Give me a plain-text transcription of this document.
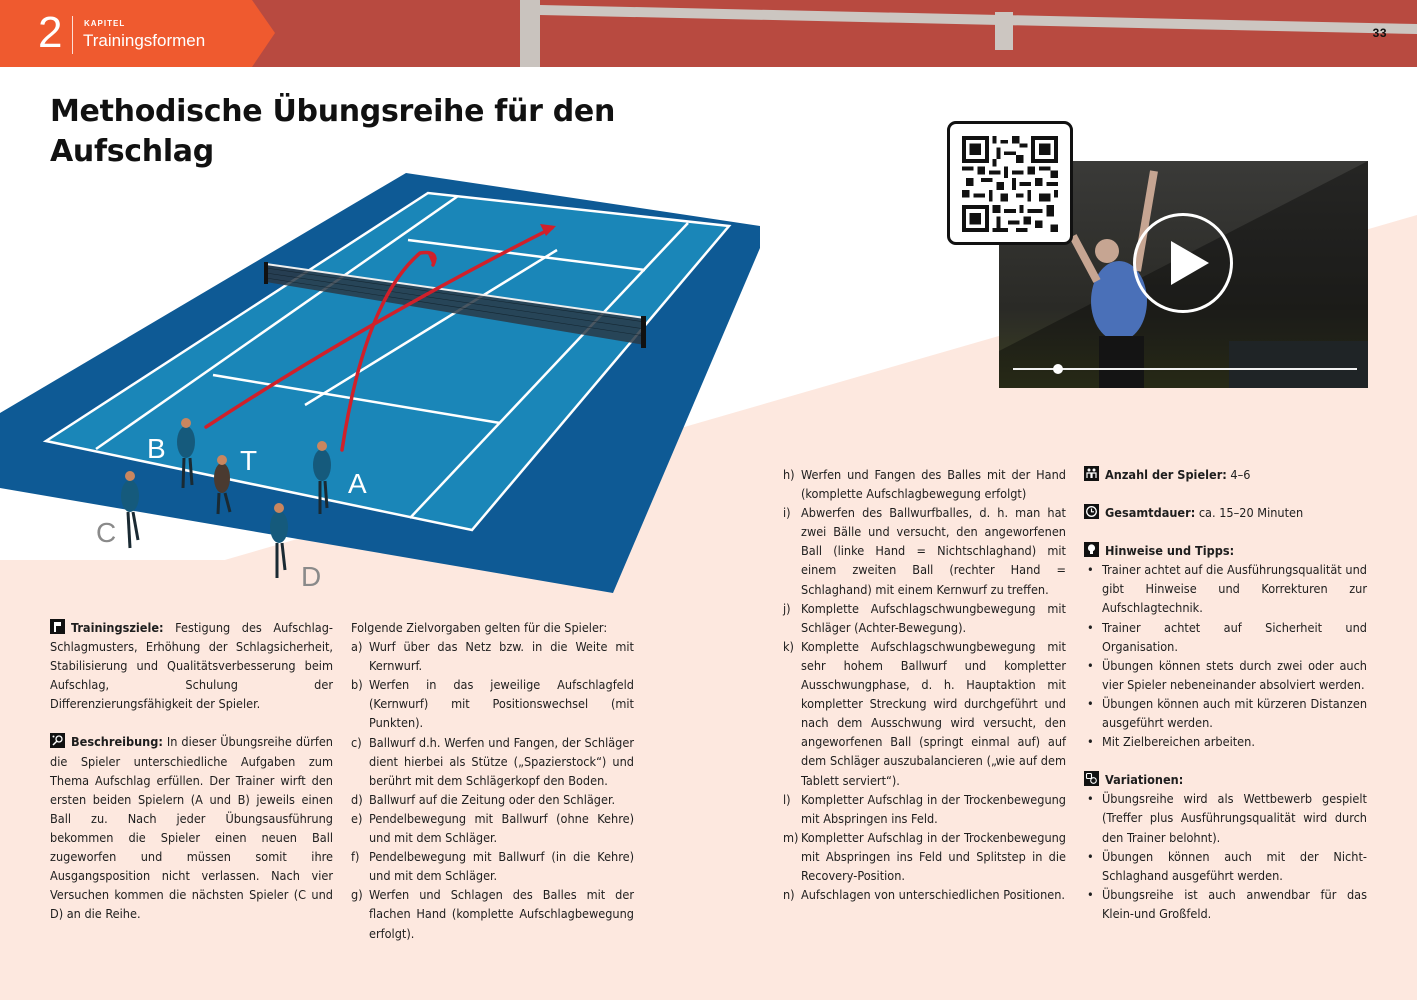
2	KAPITEL
Trainingsformen	33
Methodische Übungsreihe für den
Aufschlag
B	T
A
C
D

Trainingsziele: Festigung des Aufschlag-Schlagmusters, Erhöhung der Schlagsicherheit, Stabilisierung und Qualitätsverbesserung beim Aufschlag, Schulung der Differenzierungsfähigkeit der Spieler.

Beschreibung: In dieser Übungsreihe dürfen die Spieler unterschiedliche Aufgaben zum Thema Aufschlag erfüllen. Der Trainer wirft den ersten beiden Spielern (A und B) jeweils einen Ball zu. Nach jeder Übungsausführung bekommen die Spieler einen neuen Ball zugeworfen und müssen somit ihre Ausgangsposition nicht verlassen. Nach vier Versuchen kommen die nächsten Spieler (C und D) an die Reihe.

Folgende Zielvorgaben gelten für die Spieler:

a) Wurf über das Netz bzw. in die Weite mit Kernwurf.
b) Werfen in das jeweilige Aufschlagfeld (Kernwurf) mit Positionswechsel (mit Punkten).
c) Ballwurf d.h. Werfen und Fangen, der Schläger dient hierbei als Stütze („Spazierstock“) und berührt mit dem Schlägerkopf den Boden.
d) Ballwurf auf die Zeitung oder den Schläger.
e) Pendelbewegung mit Ballwurf (ohne Kehre) und mit dem Schläger.
f) Pendelbewegung mit Ballwurf (in die Kehre) und mit dem Schläger.
g) Werfen und Schlagen des Balles mit der flachen Hand (komplette Aufschlagbewegung erfolgt).
h) Werfen und Fangen des Balles mit der Hand (komplette Aufschlagbewegung erfolgt)
i) Abwerfen des Ballwurfballes, d. h. man hat zwei Bälle und versucht, den angeworfenen Ball (linke Hand = Nichtschlaghand) mit einem zweiten Ball (rechter Hand = Schlaghand) mit einem Kernwurf zu treffen.
j) Komplette Aufschlagschwungbewegung mit Schläger (Achter-Bewegung).
k) Komplette Aufschlagschwungbewegung mit sehr hohem Ballwurf und kompletter Ausschwungphase, d. h. Hauptaktion mit kompletter Streckung wird durchgeführt und nach dem Ausschwung wird versucht, den angeworfenen Ball (springt einmal auf) auf dem Schläger auszubalancieren („wie auf dem Tablett serviert“).
l) Kompletter Aufschlag in der Trockenbewegung mit Abspringen ins Feld.
m) Kompletter Aufschlag in der Trockenbewegung mit Abspringen ins Feld und Splitstep in die Recovery-Position.
n) Aufschlagen von unterschiedlichen Positionen.

Anzahl der Spieler: 4–6

Gesamtdauer: ca. 15–20 Minuten

Hinweise und Tipps:

• Trainer achtet auf die Ausführungsqualität und gibt Hinweise und Korrekturen zur Aufschlagtechnik.
• Trainer achtet auf Sicherheit und Organisation.
• Übungen können stets durch zwei oder auch vier Spieler nebeneinander absolviert werden.
• Übungen können auch mit kürzeren Distanzen ausgeführt werden.
• Mit Zielbereichen arbeiten.

Variationen:

• Übungsreihe wird als Wettbewerb gespielt (Treffer plus Ausführungsqualität wird durch den Trainer belohnt).
• Übungen können auch mit der Nicht-Schlaghand ausgeführt werden.
• Übungsreihe ist auch anwendbar für das Klein-und Großfeld.
